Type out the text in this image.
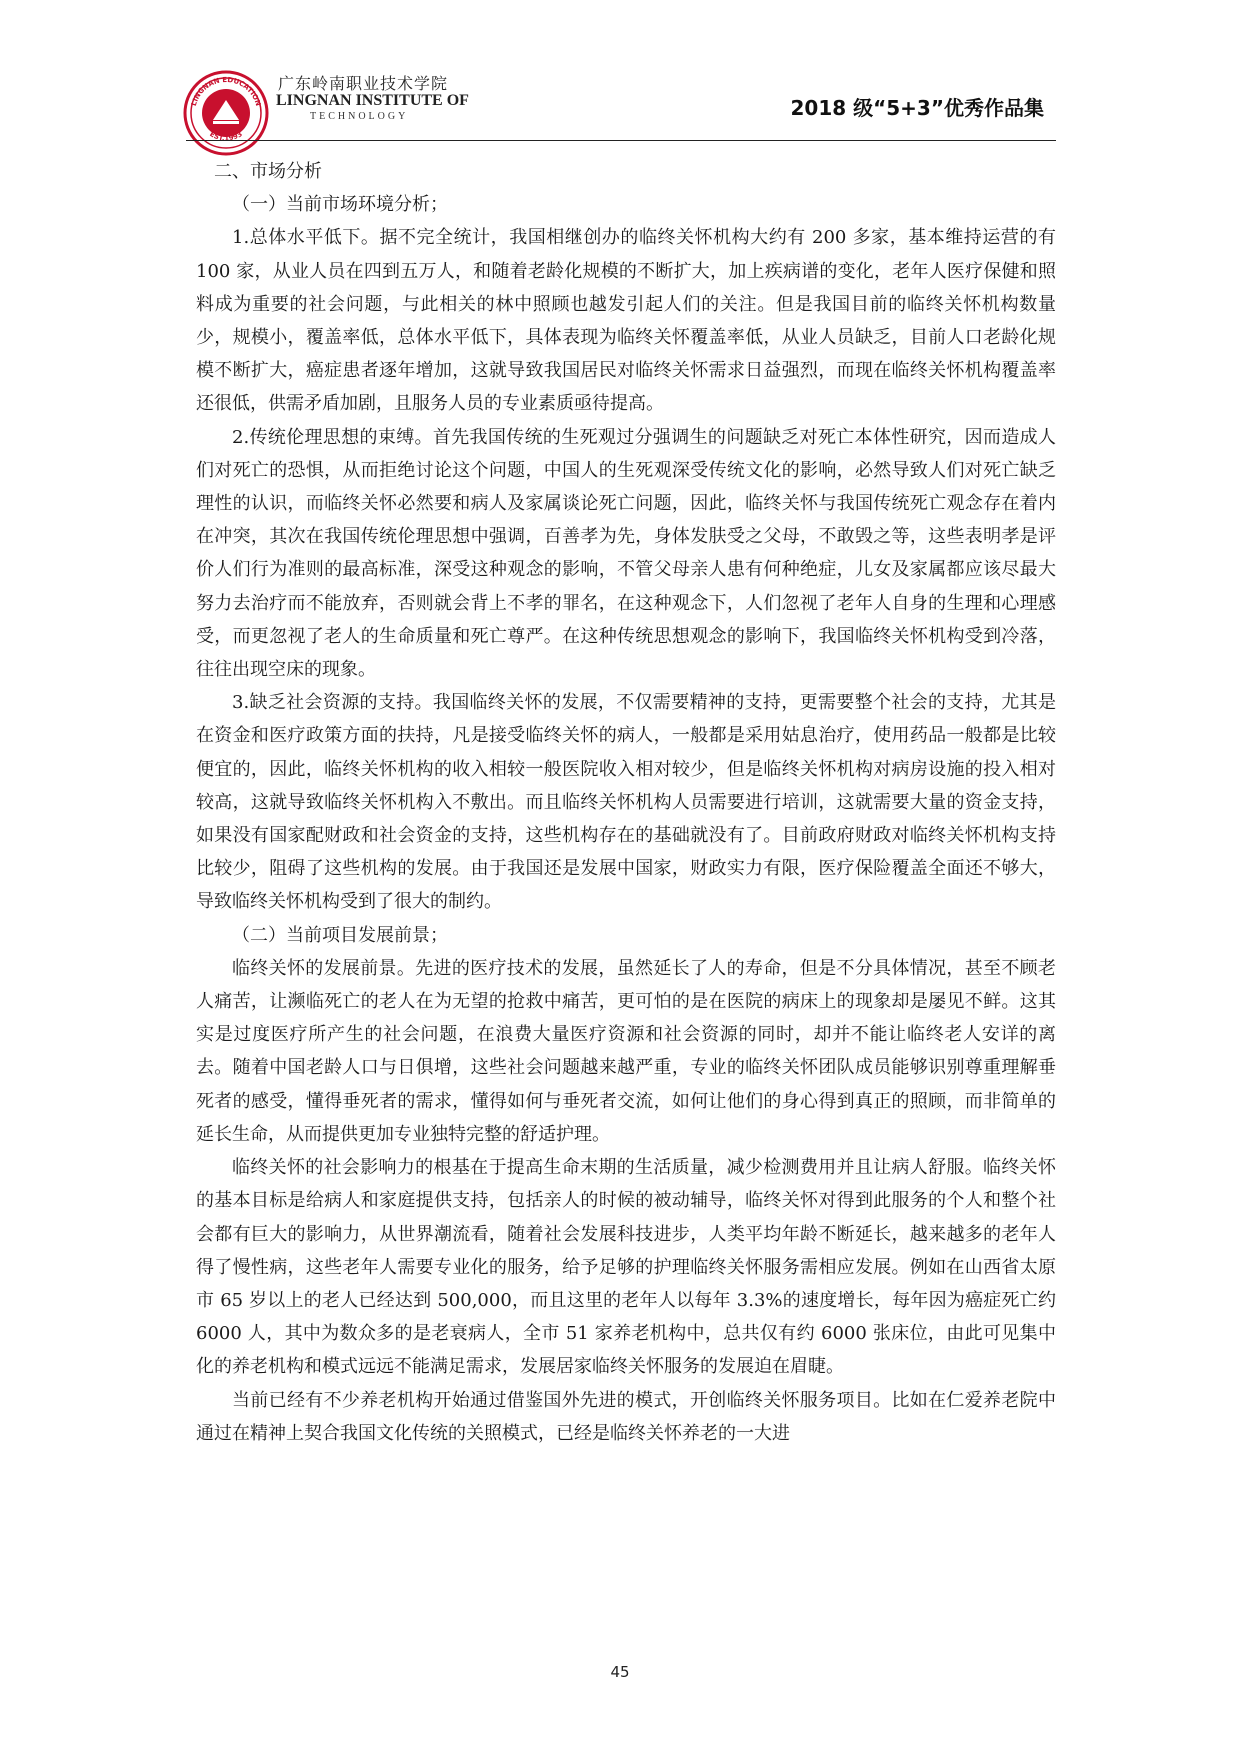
LINGNAN EDUCATION
EST.1993
广东岭南职业技术学院
LINGNAN INSTITUTE OF
TECHNOLOGY	2018 级“5+3”优秀作品集

二、市场分析

（一）当前市场环境分析；

1.总体水平低下。据不完全统计，我国相继创办的临终关怀机构大约有 200 多家，基本维持运营的有 100 家，从业人员在四到五万人，和随着老龄化规模的不断扩大，加上疾病谱的变化，老年人医疗保健和照料成为重要的社会问题，与此相关的林中照顾也越发引起人们的关注。但是我国目前的临终关怀机构数量少，规模小，覆盖率低，总体水平低下，具体表现为临终关怀覆盖率低，从业人员缺乏，目前人口老龄化规模不断扩大，癌症患者逐年增加，这就导致我国居民对临终关怀需求日益强烈，而现在临终关怀机构覆盖率还很低，供需矛盾加剧，且服务人员的专业素质亟待提高。

2.传统伦理思想的束缚。首先我国传统的生死观过分强调生的问题缺乏对死亡本体性研究，因而造成人们对死亡的恐惧，从而拒绝讨论这个问题，中国人的生死观深受传统文化的影响，必然导致人们对死亡缺乏理性的认识，而临终关怀必然要和病人及家属谈论死亡问题，因此，临终关怀与我国传统死亡观念存在着内在冲突，其次在我国传统伦理思想中强调，百善孝为先，身体发肤受之父母，不敢毁之等，这些表明孝是评价人们行为准则的最高标准，深受这种观念的影响，不管父母亲人患有何种绝症，儿女及家属都应该尽最大努力去治疗而不能放弃，否则就会背上不孝的罪名，在这种观念下，人们忽视了老年人自身的生理和心理感受，而更忽视了老人的生命质量和死亡尊严。在这种传统思想观念的影响下，我国临终关怀机构受到冷落，往往出现空床的现象。

3.缺乏社会资源的支持。我国临终关怀的发展，不仅需要精神的支持，更需要整个社会的支持，尤其是在资金和医疗政策方面的扶持，凡是接受临终关怀的病人，一般都是采用姑息治疗，使用药品一般都是比较便宜的，因此，临终关怀机构的收入相较一般医院收入相对较少，但是临终关怀机构对病房设施的投入相对较高，这就导致临终关怀机构入不敷出。而且临终关怀机构人员需要进行培训，这就需要大量的资金支持，如果没有国家配财政和社会资金的支持，这些机构存在的基础就没有了。目前政府财政对临终关怀机构支持比较少，阻碍了这些机构的发展。由于我国还是发展中国家，财政实力有限，医疗保险覆盖全面还不够大，导致临终关怀机构受到了很大的制约。

（二）当前项目发展前景；

临终关怀的发展前景。先进的医疗技术的发展，虽然延长了人的寿命，但是不分具体情况，甚至不顾老人痛苦，让濒临死亡的老人在为无望的抢救中痛苦，更可怕的是在医院的病床上的现象却是屡见不鲜。这其实是过度医疗所产生的社会问题，在浪费大量医疗资源和社会资源的同时，却并不能让临终老人安详的离去。随着中国老龄人口与日俱增，这些社会问题越来越严重，专业的临终关怀团队成员能够识别尊重理解垂死者的感受，懂得垂死者的需求，懂得如何与垂死者交流，如何让他们的身心得到真正的照顾，而非简单的延长生命，从而提供更加专业独特完整的舒适护理。

临终关怀的社会影响力的根基在于提高生命末期的生活质量，减少检测费用并且让病人舒服。临终关怀的基本目标是给病人和家庭提供支持，包括亲人的时候的被动辅导，临终关怀对得到此服务的个人和整个社会都有巨大的影响力，从世界潮流看，随着社会发展科技进步，人类平均年龄不断延长，越来越多的老年人得了慢性病，这些老年人需要专业化的服务，给予足够的护理临终关怀服务需相应发展。例如在山西省太原市 65 岁以上的老人已经达到 500,000，而且这里的老年人以每年 3.3%的速度增长，每年因为癌症死亡约 6000 人，其中为数众多的是老衰病人，全市 51 家养老机构中，总共仅有约 6000 张床位，由此可见集中化的养老机构和模式远远不能满足需求，发展居家临终关怀服务的发展迫在眉睫。

当前已经有不少养老机构开始通过借鉴国外先进的模式，开创临终关怀服务项目。比如在仁爱养老院中通过在精神上契合我国文化传统的关照模式，已经是临终关怀养老的一大进

45
